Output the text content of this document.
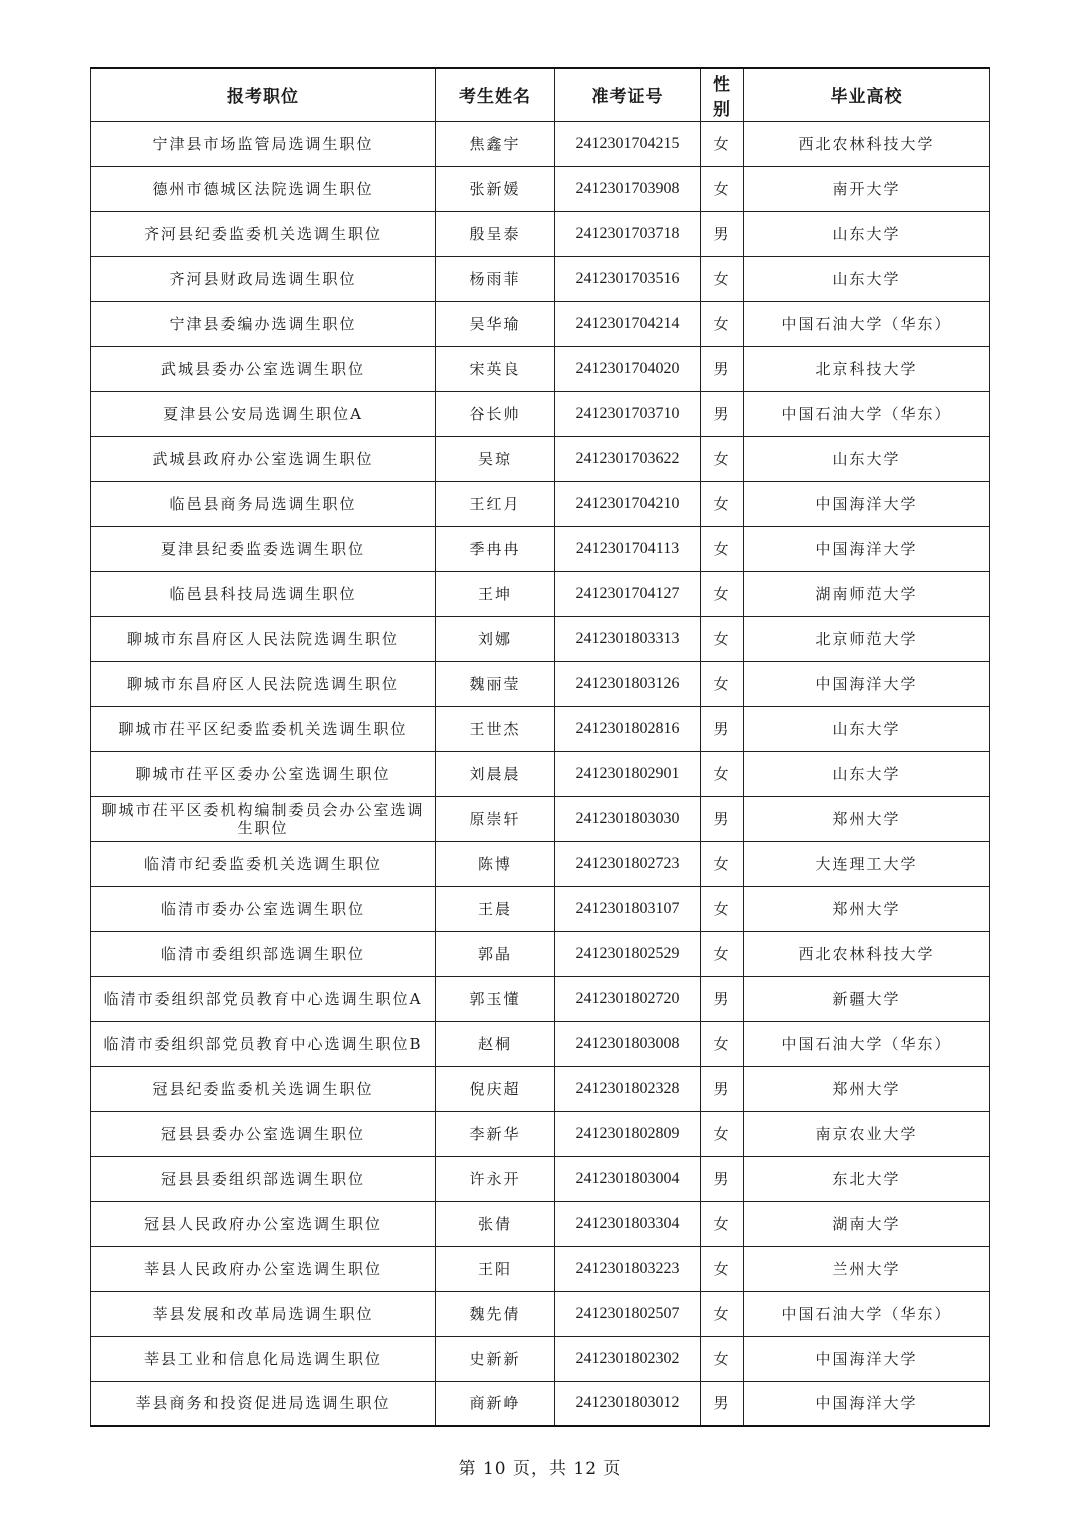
报考职位	考生姓名	准考证号	性别	毕业高校
宁津县市场监管局选调生职位	焦鑫宇	2412301704215	女	西北农林科技大学
德州市德城区法院选调生职位	张新媛	2412301703908	女	南开大学
齐河县纪委监委机关选调生职位	殷呈泰	2412301703718	男	山东大学
齐河县财政局选调生职位	杨雨菲	2412301703516	女	山东大学
宁津县委编办选调生职位	吴华瑜	2412301704214	女	中国石油大学（华东）
武城县委办公室选调生职位	宋英良	2412301704020	男	北京科技大学
夏津县公安局选调生职位A	谷长帅	2412301703710	男	中国石油大学（华东）
武城县政府办公室选调生职位	吴琼	2412301703622	女	山东大学
临邑县商务局选调生职位	王红月	2412301704210	女	中国海洋大学
夏津县纪委监委选调生职位	季冉冉	2412301704113	女	中国海洋大学
临邑县科技局选调生职位	王坤	2412301704127	女	湖南师范大学
聊城市东昌府区人民法院选调生职位	刘娜	2412301803313	女	北京师范大学
聊城市东昌府区人民法院选调生职位	魏丽莹	2412301803126	女	中国海洋大学
聊城市茌平区纪委监委机关选调生职位	王世杰	2412301802816	男	山东大学
聊城市茌平区委办公室选调生职位	刘晨晨	2412301802901	女	山东大学
聊城市茌平区委机构编制委员会办公室选调生职位	原崇轩	2412301803030	男	郑州大学
临清市纪委监委机关选调生职位	陈博	2412301802723	女	大连理工大学
临清市委办公室选调生职位	王晨	2412301803107	女	郑州大学
临清市委组织部选调生职位	郭晶	2412301802529	女	西北农林科技大学
临清市委组织部党员教育中心选调生职位A	郭玉懂	2412301802720	男	新疆大学
临清市委组织部党员教育中心选调生职位B	赵桐	2412301803008	女	中国石油大学（华东）
冠县纪委监委机关选调生职位	倪庆超	2412301802328	男	郑州大学
冠县县委办公室选调生职位	李新华	2412301802809	女	南京农业大学
冠县县委组织部选调生职位	许永开	2412301803004	男	东北大学
冠县人民政府办公室选调生职位	张倩	2412301803304	女	湖南大学
莘县人民政府办公室选调生职位	王阳	2412301803223	女	兰州大学
莘县发展和改革局选调生职位	魏先倩	2412301802507	女	中国石油大学（华东）
莘县工业和信息化局选调生职位	史新新	2412301802302	女	中国海洋大学
莘县商务和投资促进局选调生职位	商新峥	2412301803012	男	中国海洋大学
第 10 页，共 12 页
